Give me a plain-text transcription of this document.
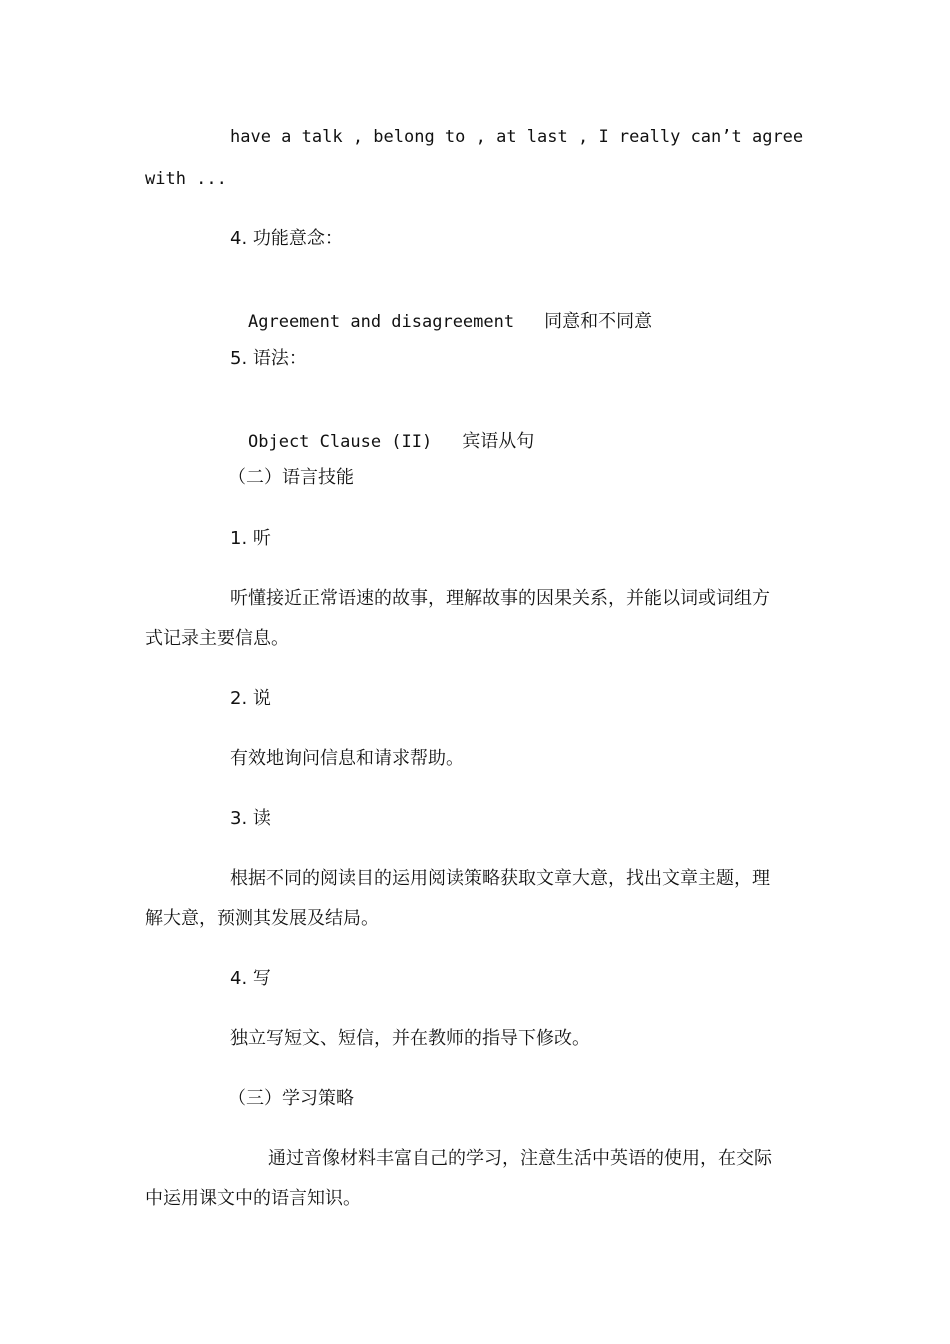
have a talk , belong to , at last , I really can’t agree
with ...
4. 功能意念：

Agreement and disagreement 同意和不同意

5. 语法：

Object Clause (II) 宾语从句

（二）语言技能
1. 听
听懂接近正常语速的故事，理解故事的因果关系，并能以词或词组方
式记录主要信息。
2. 说
有效地询问信息和请求帮助。
3. 读
根据不同的阅读目的运用阅读策略获取文章大意，找出文章主题，理
解大意，预测其发展及结局。
4. 写
独立写短文、短信，并在教师的指导下修改。
（三）学习策略
通过音像材料丰富自己的学习，注意生活中英语的使用，在交际
中运用课文中的语言知识。
